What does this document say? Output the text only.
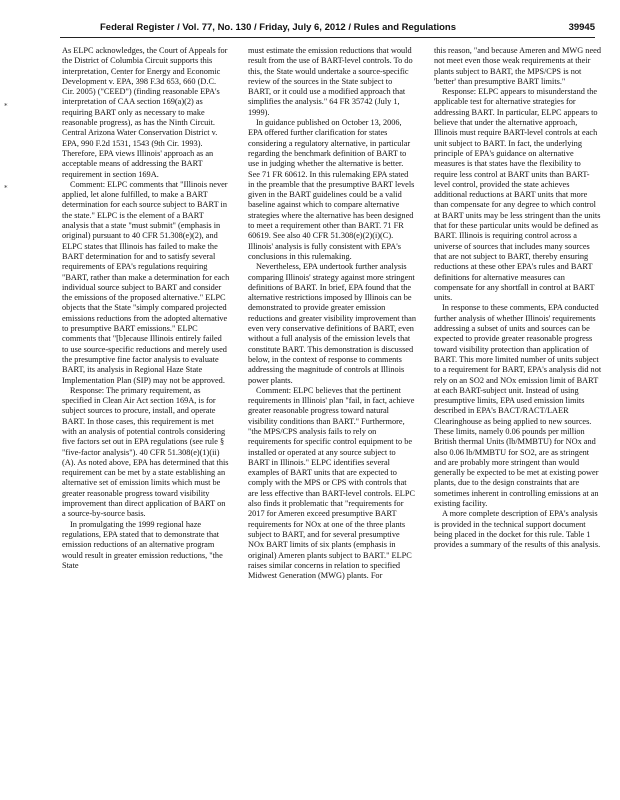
Federal Register / Vol. 77, No. 130 / Friday, July 6, 2012 / Rules and Regulations	39945
⁎
⁎

As ELPC acknowledges, the Court of Appeals for the District of Columbia Circuit supports this interpretation, Center for Energy and Economic Development v. EPA, 398 F.3d 653, 660 (D.C. Cir. 2005) ("CEED") (finding reasonable EPA's interpretation of CAA section 169(a)(2) as requiring BART only as necessary to make reasonable progress), as has the Ninth Circuit. Central Arizona Water Conservation District v. EPA, 990 F.2d 1531, 1543 (9th Cir. 1993). Therefore, EPA views Illinois' approach as an acceptable means of addressing the BART requirement in section 169A.

Comment: ELPC comments that "Illinois never applied, let alone fulfilled, to make a BART determination for each source subject to BART in the state." ELPC is the element of a BART analysis that a state "must submit" (emphasis in original) pursuant to 40 CFR 51.308(e)(2), and ELPC states that Illinois has failed to make the BART determination for and to satisfy several requirements of EPA's regulations requiring "BART, rather than make a determination for each individual source subject to BART and consider the emissions of the proposed alternative." ELPC objects that the State "simply compared projected emissions reductions from the adopted alternative to presumptive BART emissions." ELPC comments that "[b]ecause Illinois entirely failed to use source-specific reductions and merely used the presumptive fine factor analysis to evaluate BART, its analysis in Regional Haze State Implementation Plan (SIP) may not be approved.

Response: The primary requirement, as specified in Clean Air Act section 169A, is for subject sources to procure, install, and operate BART. In those cases, this requirement is met with an analysis of potential controls considering five factors set out in EPA regulations (see rule § "five-factor analysis"). 40 CFR 51.308(e)(1)(ii)(A). As noted above, EPA has determined that this requirement can be met by a state establishing an alternative set of emission limits which must be greater reasonable progress toward visibility improvement than direct application of BART on a source-by-source basis.

In promulgating the 1999 regional haze regulations, EPA stated that to demonstrate that emission reductions of an alternative program would result in greater emission reductions, "the State

must estimate the emission reductions that would result from the use of BART-level controls. To do this, the State would undertake a source-specific review of the sources in the State subject to BART, or it could use a modified approach that simplifies the analysis." 64 FR 35742 (July 1, 1999).

In guidance published on October 13, 2006, EPA offered further clarification for states considering a regulatory alternative, in particular regarding the benchmark definition of BART to use in judging whether the alternative is better. See 71 FR 60612. In this rulemaking EPA stated in the preamble that the presumptive BART levels given in the BART guidelines could be a valid baseline against which to compare alternative strategies where the alternative has been designed to meet a requirement other than BART. 71 FR 60619. See also 40 CFR 51.308(e)(2)(i)(C). Illinois' analysis is fully consistent with EPA's conclusions in this rulemaking.

Nevertheless, EPA undertook further analysis comparing Illinois' strategy against more stringent definitions of BART. In brief, EPA found that the alternative restrictions imposed by Illinois can be demonstrated to provide greater emission reductions and greater visibility improvement than even very conservative definitions of BART, even without a full analysis of the emission levels that constitute BART. This demonstration is discussed below, in the context of response to comments addressing the magnitude of controls at Illinois power plants.

Comment: ELPC believes that the pertinent requirements in Illinois' plan "fail, in fact, achieve greater reasonable progress toward natural visibility conditions than BART." Furthermore, "the MPS/CPS analysis fails to rely on requirements for specific control equipment to be installed or operated at any source subject to BART in Illinois." ELPC identifies several examples of BART units that are expected to comply with the MPS or CPS with controls that are less effective than BART-level controls. ELPC also finds it problematic that "requirements for 2017 for Ameren exceed presumptive BART requirements for NOx at one of the three plants subject to BART, and for several presumptive NOx BART limits of six plants (emphasis in original) Ameren plants subject to BART." ELPC raises similar concerns in relation to specified Midwest Generation (MWG) plants. For

this reason, "and because Ameren and MWG need not meet even those weak requirements at their plants subject to BART, the MPS/CPS is not 'better' than presumptive BART limits."

Response: ELPC appears to misunderstand the applicable test for alternative strategies for addressing BART. In particular, ELPC appears to believe that under the alternative approach, Illinois must require BART-level controls at each unit subject to BART. In fact, the underlying principle of EPA's guidance on alternative measures is that states have the flexibility to require less control at BART units than BART-level control, provided the state achieves additional reductions at BART units that more than compensate for any degree to which control at BART units may be less stringent than the units that for these particular units would be defined as BART. Illinois is requiring control across a universe of sources that includes many sources that are not subject to BART, thereby ensuring reductions at these other EPA's rules and BART definitions for alternative measures can compensate for any shortfall in control at BART units.

In response to these comments, EPA conducted further analysis of whether Illinois' requirements addressing a subset of units and sources can be expected to provide greater reasonable progress toward visibility protection than application of BART. This more limited number of units subject to a requirement for BART, EPA's analysis did not rely on an SO2 and NOx emission limit of BART at each BART-subject unit. Instead of using presumptive limits, EPA used emission limits described in EPA's BACT/RACT/LAER Clearinghouse as being applied to new sources. These limits, namely 0.06 pounds per million British thermal Units (lb/MMBTU) for NOx and also 0.06 lb/MMBTU for SO2, are as stringent and are probably more stringent than would generally be expected to be met at existing power plants, due to the design constraints that are sometimes inherent in controlling emissions at an existing facility.

A more complete description of EPA's analysis is provided in the technical support document being placed in the docket for this rule. Table 1 provides a summary of the results of this analysis.
